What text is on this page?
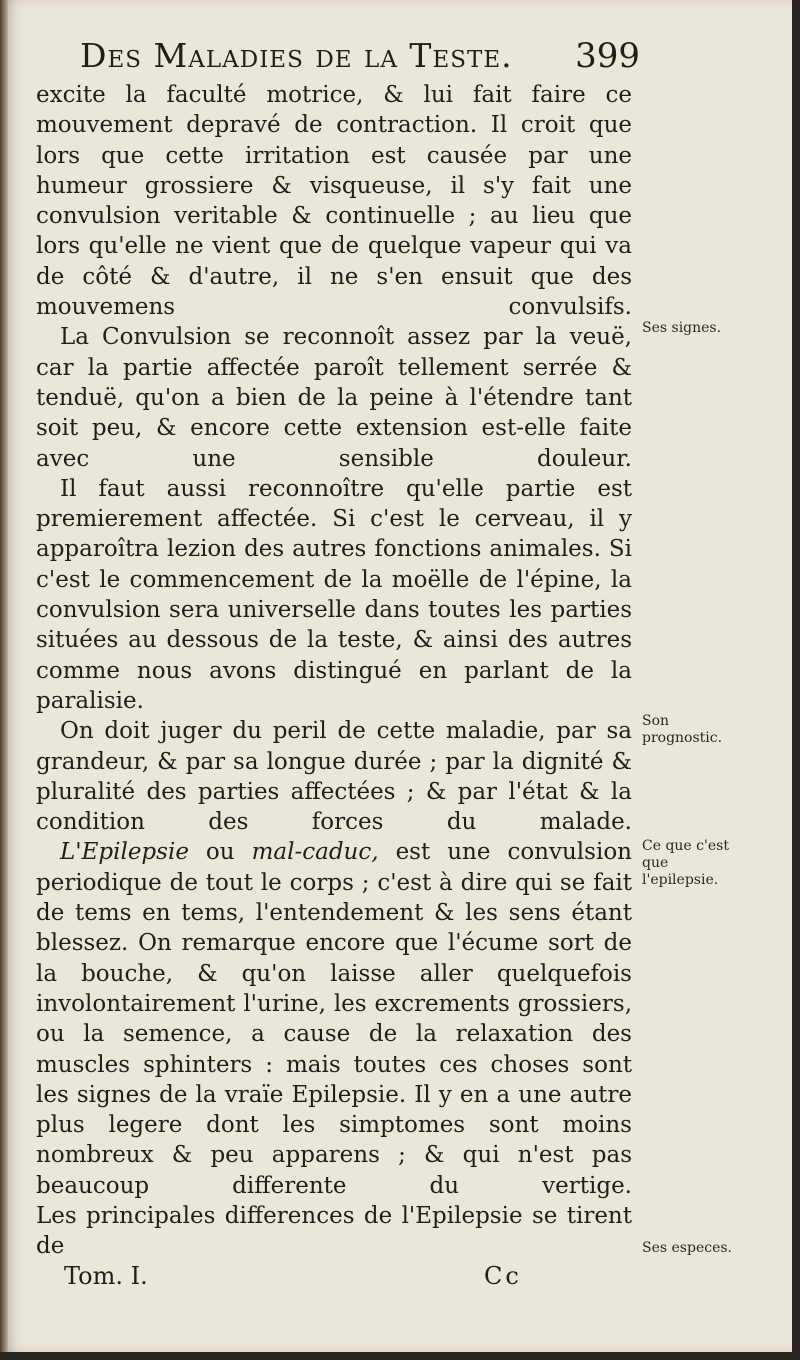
Des Maladies de la Teste. 399

excite la faculté motrice, & lui fait faire ce mouvement depravé de contraction. Il croit que lors que cette irritation est causée par une humeur grossiere & visqueuse, il s'y fait une convulsion veritable & continuelle ; au lieu que lors qu'elle ne vient que de quelque vapeur qui va de côté & d'autre, il ne s'en ensuit que des mouvemens convulsifs.

La Convulsion se reconnoît assez par la veuë, car la partie affectée paroît tellement serrée & tenduë, qu'on a bien de la peine à l'étendre tant soit peu, & encore cette extension est-elle faite avec une sensible douleur.

Il faut aussi reconnoître qu'elle partie est premierement affectée. Si c'est le cerveau, il y apparoîtra lezion des autres fonctions animales. Si c'est le commencement de la moëlle de l'épine, la convulsion sera universelle dans toutes les parties situées au dessous de la teste, & ainsi des autres comme nous avons distingué en parlant de la paralisie.

On doit juger du peril de cette maladie, par sa grandeur, & par sa longue durée ; par la dignité & pluralité des parties affectées ; & par l'état & la condition des forces du malade.

L'Epilepsie ou mal-caduc, est une convulsion periodique de tout le corps ; c'est à dire qui se fait de tems en tems, l'entendement & les sens étant blessez. On remarque encore que l'écume sort de la bouche, & qu'on laisse aller quelquefois involontairement l'urine, les excrements grossiers, ou la semence, a cause de la relaxation des muscles sphinters : mais toutes ces choses sont les signes de la vraïe Epilepsie. Il y en a une autre plus legere dont les simptomes sont moins nombreux & peu apparens ; & qui n'est pas beaucoup differente du vertige.

Les principales differences de l'Epilepsie se tirent de

Ses signes.
Son prognostic.
Ce que c'est que l'epilepsie.
Ses especes.
Tom. I.	Cc
